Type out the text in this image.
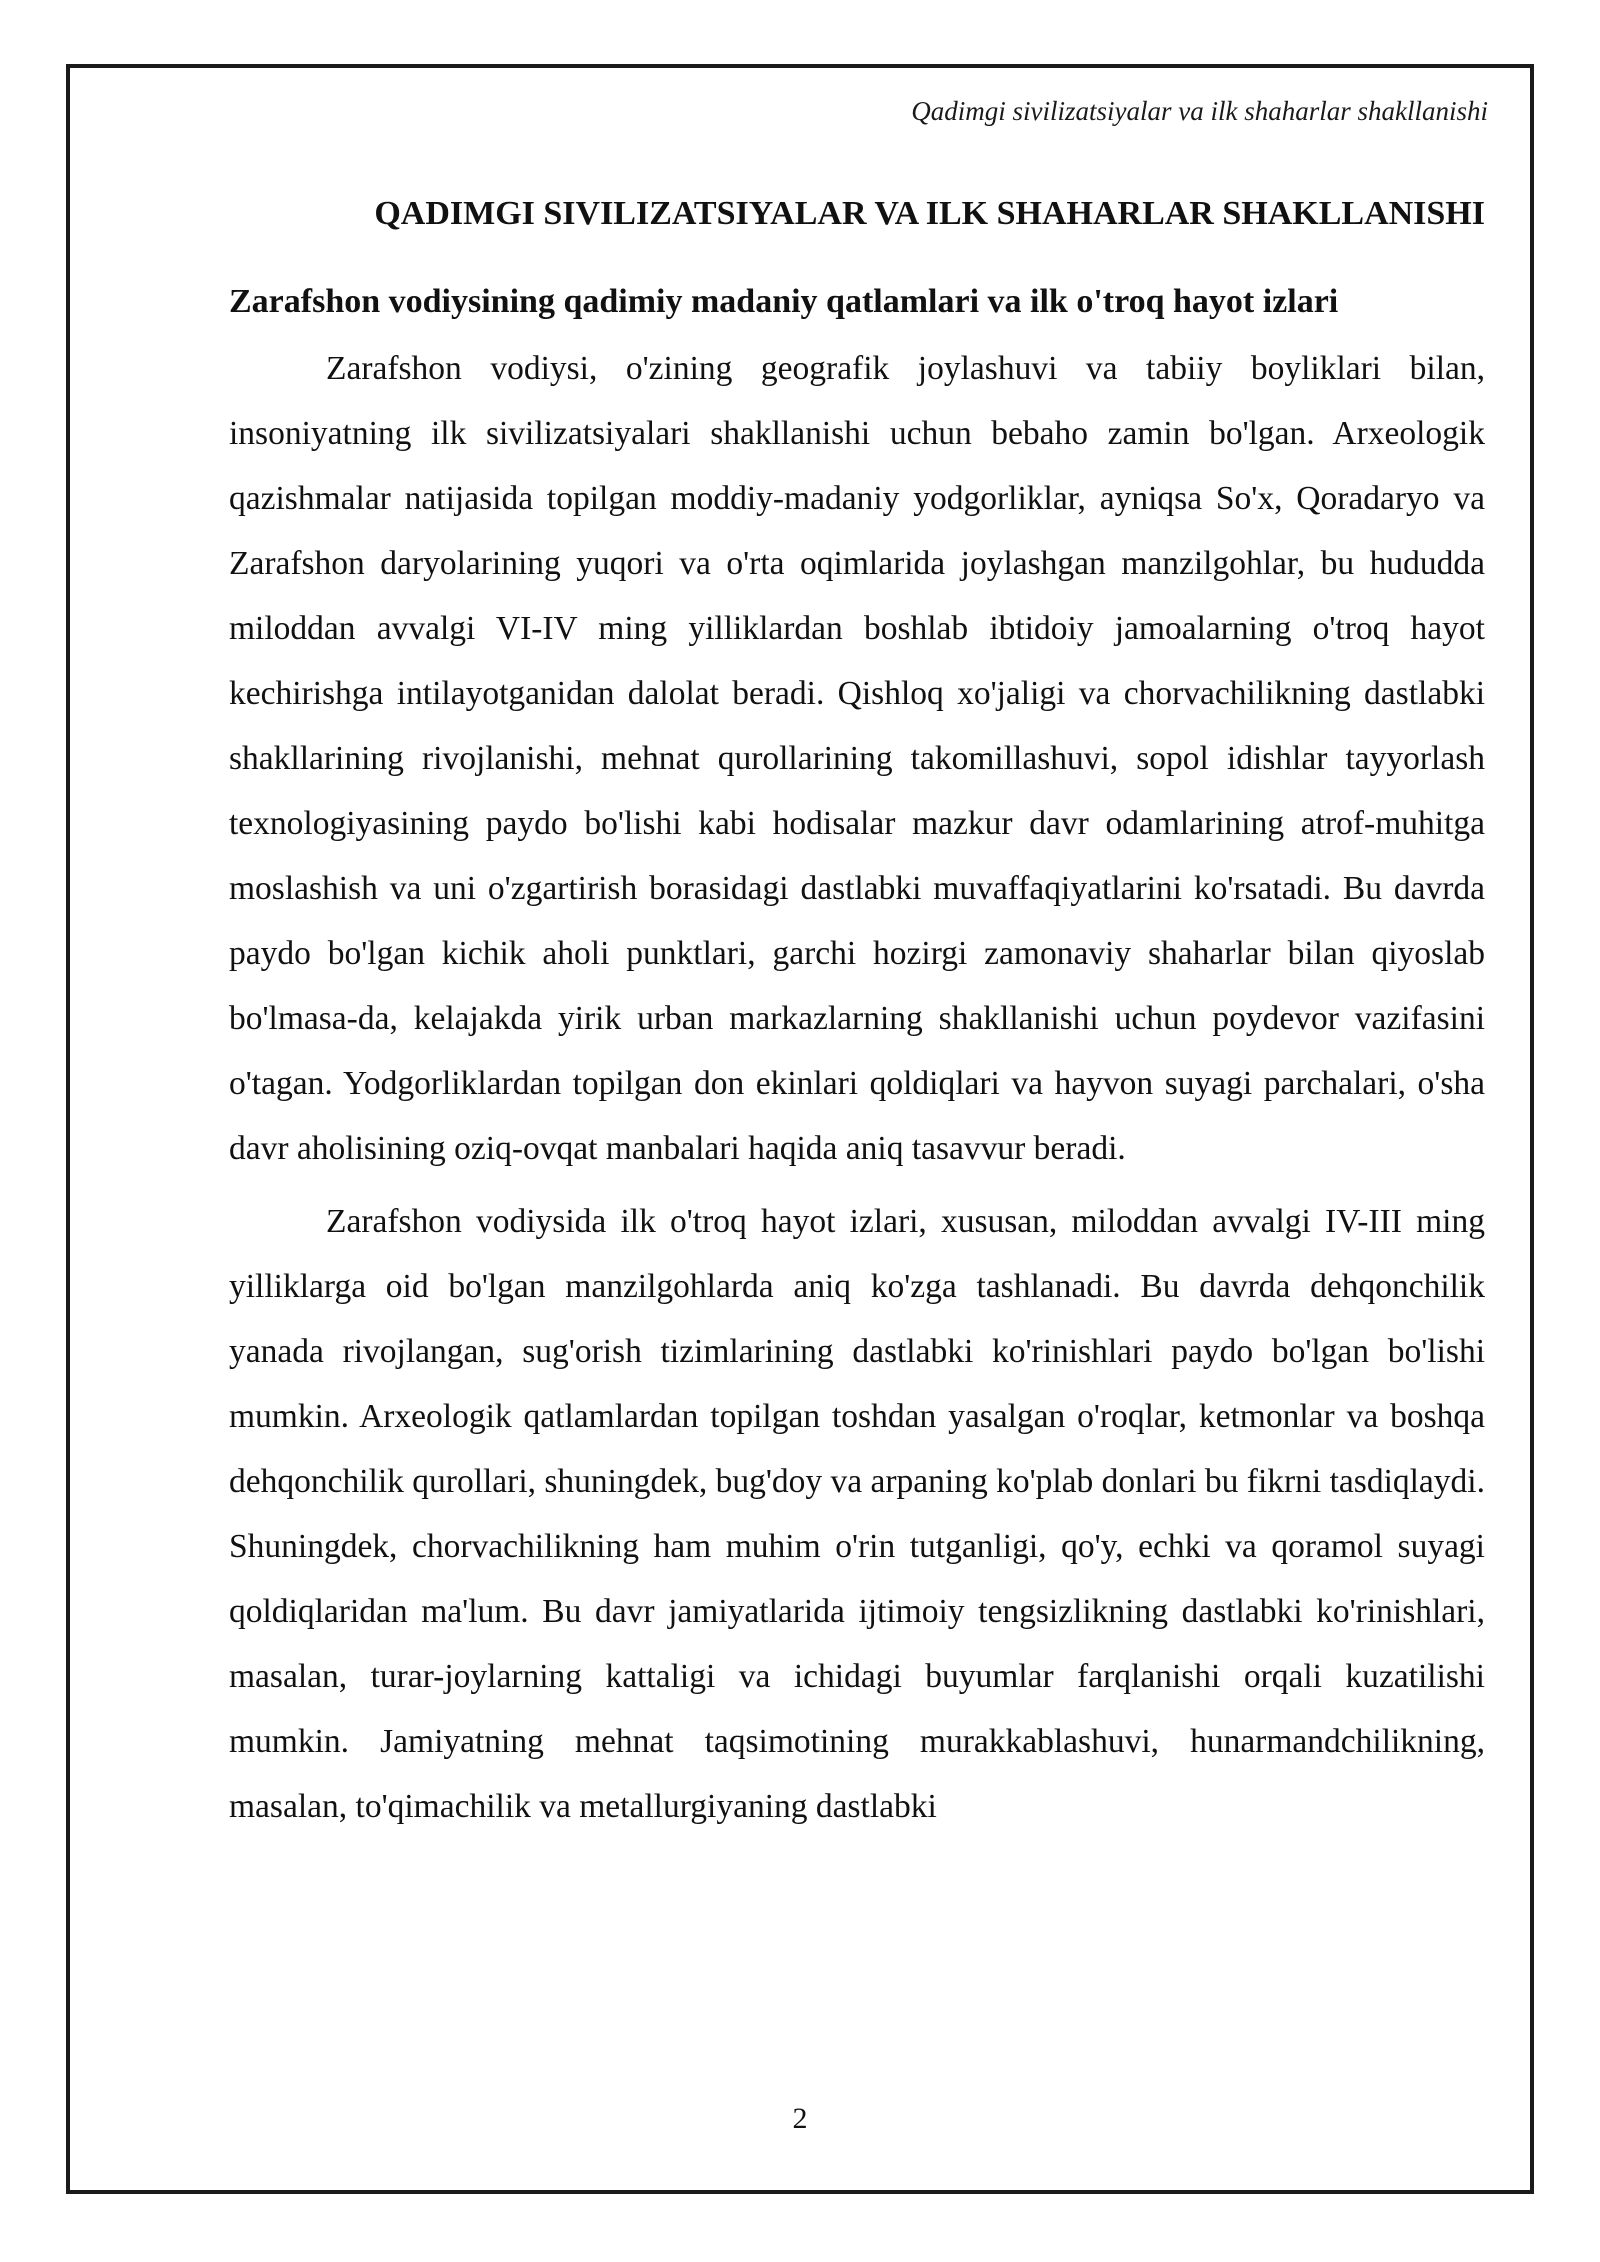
Qadimgi sivilizatsiyalar va ilk shaharlar shakllanishi
QADIMGI SIVILIZATSIYALAR VA ILK SHAHARLAR SHAKLLANISHI
Zarafshon vodiysining qadimiy madaniy qatlamlari va ilk o'troq hayot izlari

Zarafshon vodiysi, o'zining geografik joylashuvi va tabiiy boyliklari bilan, insoniyatning ilk sivilizatsiyalari shakllanishi uchun bebaho zamin bo'lgan. Arxeologik qazishmalar natijasida topilgan moddiy-madaniy yodgorliklar, ayniqsa So'x, Qoradaryo va Zarafshon daryolarining yuqori va o'rta oqimlarida joylashgan manzilgohlar, bu hududda miloddan avvalgi VI-IV ming yilliklardan boshlab ibtidoiy jamoalarning o'troq hayot kechirishga intilayotganidan dalolat beradi. Qishloq xo'jaligi va chorvachilikning dastlabki shakllarining rivojlanishi, mehnat qurollarining takomillashuvi, sopol idishlar tayyorlash texnologiyasining paydo bo'lishi kabi hodisalar mazkur davr odamlarining atrof-muhitga moslashish va uni o'zgartirish borasidagi dastlabki muvaffaqiyatlarini ko'rsatadi. Bu davrda paydo bo'lgan kichik aholi punktlari, garchi hozirgi zamonaviy shaharlar bilan qiyoslab bo'lmasa-da, kelajakda yirik urban markazlarning shakllanishi uchun poydevor vazifasini o'tagan. Yodgorliklardan topilgan don ekinlari qoldiqlari va hayvon suyagi parchalari, o'sha davr aholisining oziq-ovqat manbalari haqida aniq tasavvur beradi.

Zarafshon vodiysida ilk o'troq hayot izlari, xususan, miloddan avvalgi IV-III ming yilliklarga oid bo'lgan manzilgohlarda aniq ko'zga tashlanadi. Bu davrda dehqonchilik yanada rivojlangan, sug'orish tizimlarining dastlabki ko'rinishlari paydo bo'lgan bo'lishi mumkin. Arxeologik qatlamlardan topilgan toshdan yasalgan o'roqlar, ketmonlar va boshqa dehqonchilik qurollari, shuningdek, bug'doy va arpaning ko'plab donlari bu fikrni tasdiqlaydi. Shuningdek, chorvachilikning ham muhim o'rin tutganligi, qo'y, echki va qoramol suyagi qoldiqlaridan ma'lum. Bu davr jamiyatlarida ijtimoiy tengsizlikning dastlabki ko'rinishlari, masalan, turar-joylarning kattaligi va ichidagi buyumlar farqlanishi orqali kuzatilishi mumkin. Jamiyatning mehnat taqsimotining murakkablashuvi, hunarmandchilikning, masalan, to'qimachilik va metallurgiyaning dastlabki

2
